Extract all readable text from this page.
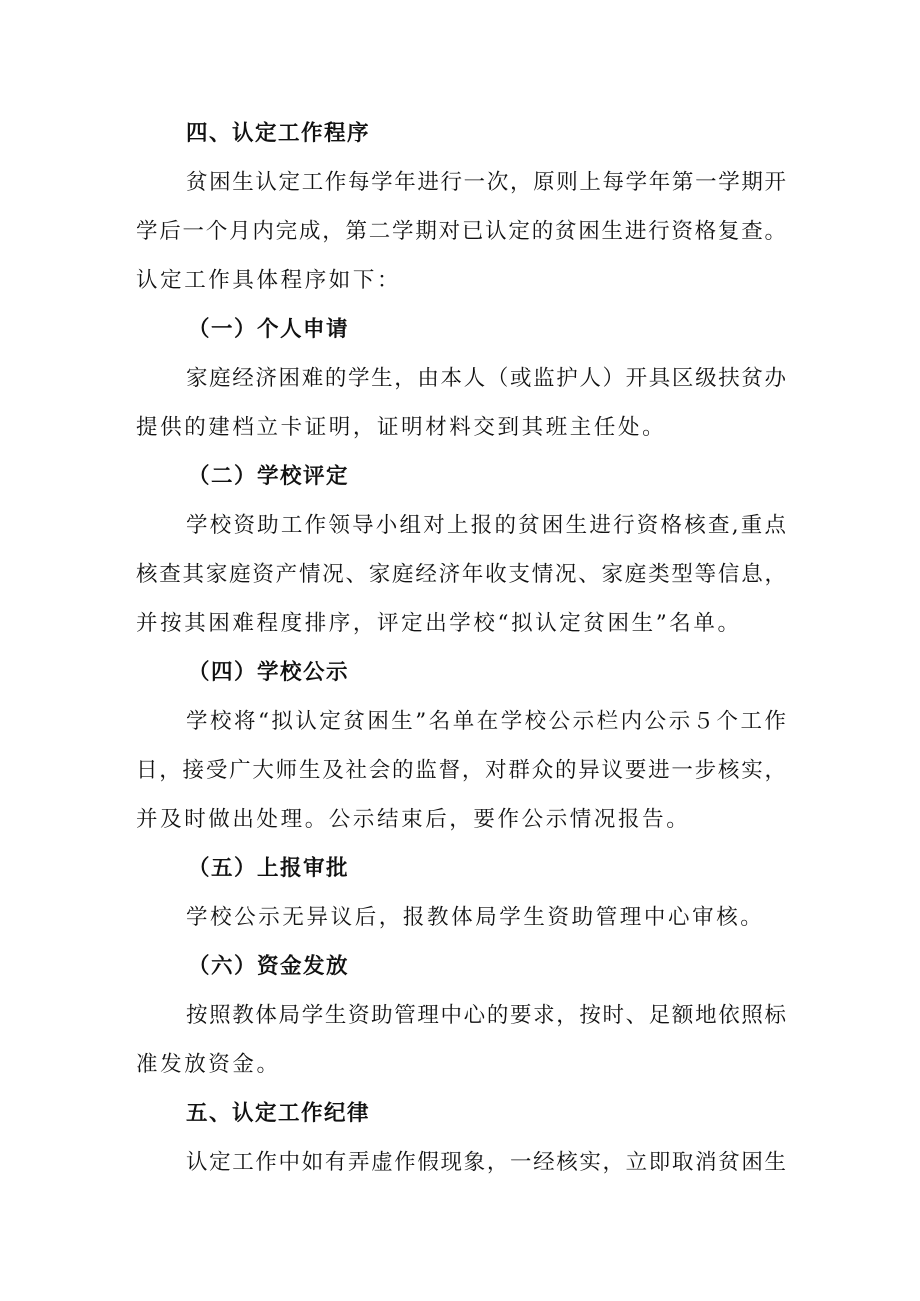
四、认定工作程序
贫困生认定工作每学年进行一次，原则上每学年第一学期开
学后一个月内完成，第二学期对已认定的贫困生进行资格复查。
认定工作具体程序如下：
（一）个人申请
家庭经济困难的学生，由本人（或监护人）开具区级扶贫办
提供的建档立卡证明，证明材料交到其班主任处。
（二）学校评定
学校资助工作领导小组对上报的贫困生进行资格核查,重点
核查其家庭资产情况、家庭经济年收支情况、家庭类型等信息，
并按其困难程度排序，评定出学校“拟认定贫困生”名单。
（四）学校公示
学校将“拟认定贫困生”名单在学校公示栏内公示５个工作
日，接受广大师生及社会的监督，对群众的异议要进一步核实，
并及时做出处理。公示结束后，要作公示情况报告。
（五）上报审批
学校公示无异议后，报教体局学生资助管理中心审核。
（六）资金发放
按照教体局学生资助管理中心的要求，按时、足额地依照标
准发放资金。
五、认定工作纪律
认定工作中如有弄虚作假现象，一经核实，立即取消贫困生
